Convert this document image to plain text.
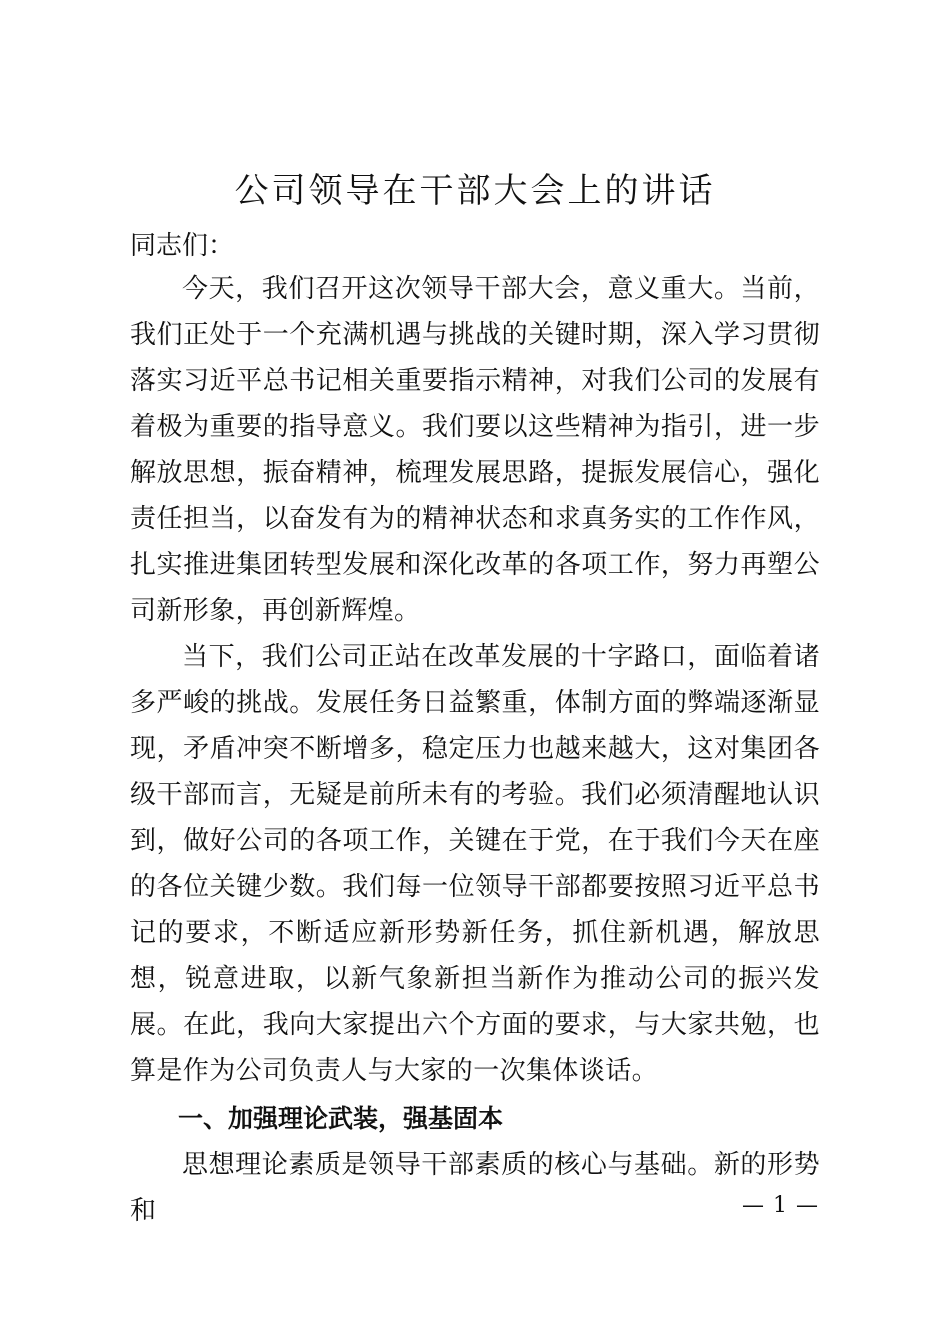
公司领导在干部大会上的讲话

同志们：

今天，我们召开这次领导干部大会，意义重大。当前，我们正处于一个充满机遇与挑战的关键时期，深入学习贯彻落实习近平总书记相关重要指示精神，对我们公司的发展有着极为重要的指导意义。我们要以这些精神为指引，进一步解放思想，振奋精神，梳理发展思路，提振发展信心，强化责任担当，以奋发有为的精神状态和求真务实的工作作风，扎实推进集团转型发展和深化改革的各项工作，努力再塑公司新形象，再创新辉煌。

当下，我们公司正站在改革发展的十字路口，面临着诸多严峻的挑战。发展任务日益繁重，体制方面的弊端逐渐显现，矛盾冲突不断增多，稳定压力也越来越大，这对集团各级干部而言，无疑是前所未有的考验。我们必须清醒地认识到，做好公司的各项工作，关键在于党，在于我们今天在座的各位关键少数。我们每一位领导干部都要按照习近平总书记的要求，不断适应新形势新任务，抓住新机遇，解放思想，锐意进取，以新气象新担当新作为推动公司的振兴发展。在此，我向大家提出六个方面的要求，与大家共勉，也算是作为公司负责人与大家的一次集体谈话。

一、加强理论武装，强基固本

思想理论素质是领导干部素质的核心与基础。新的形势和	— 1 —
